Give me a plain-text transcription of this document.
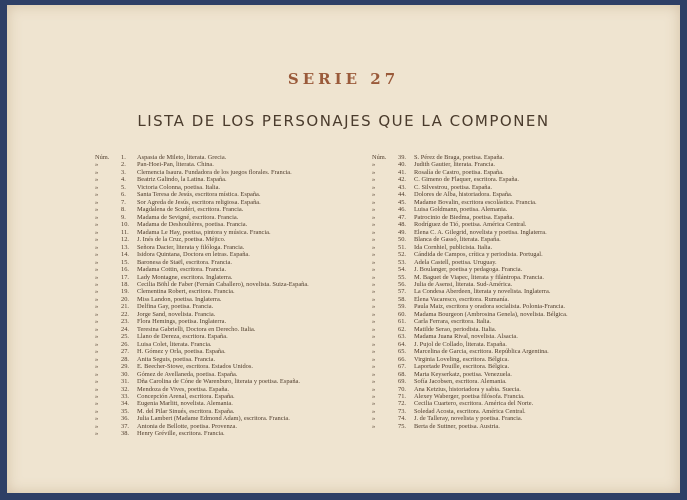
SERIE 27
LISTA DE LOS PERSONAJES QUE LA COMPONEN
Núm.	1.	Aspasia de Mileto, literata. Grecia.
»	2.	Pan-Hoei-Pan, literata. China.
»	3.	Clemencia Isaura. Fundadora de los juegos florales. Francia.
»	4.	Beatriz Galindo, la Latina. España.
»	5.	Victoria Colonna, poetisa. Italia.
»	6.	Santa Teresa de Jesús, escritora mística. España.
»	7.	Sor Agreda de Jesús, escritora religiosa. España.
»	8.	Magdalena de Scudéri, escritora. Francia.
»	9.	Madama de Sevigné, escritora. Francia.
»	10.	Madama de Deshoulières, poetisa. Francia.
»	11.	Madama Le Hay, poetisa, pintora y música. Francia.
»	12.	J. Inés de la Cruz, poetisa. Méjico.
»	13.	Señora Dacier, literata y filóloga. Francia.
»	14.	Isidora Quintana, Doctora en letras. España.
»	15.	Baronesa de Staël, escritora. Francia.
»	16.	Madama Cottin, escritora. Francia.
»	17.	Lady Montagne, escritora. Inglaterra.
»	18.	Cecilia Böhl de Faber (Fernán Caballero), novelista. Suiza-España.
»	19.	Clementina Robert, escritora. Francia.
»	20.	Miss Landon, poetisa. Inglaterra.
»	21.	Delfina Gay, poetisa. Francia.
»	22.	Jorge Sand, novelista. Francia.
»	23.	Flora Hemings, poetisa. Inglaterra.
»	24.	Teresina Gabrielli, Doctora en Derecho. Italia.
»	25.	Llano de Dereza, escritora. España.
»	26.	Luisa Colet, literata. Francia.
»	27.	H. Gómez y Orla, poetisa. España.
»	28.	Anita Seguis, poetisa. Francia.
»	29.	E. Beecher-Stowe, escritora. Estados Unidos.
»	30.	Gómez de Avellaneda, poetisa. España.
»	31.	Dña Carolina de Cóne de Warenburo, literata y poetisa. España.
»	32.	Mendoza de Vives, poetisa. España.
»	33.	Concepción Arenal, escritora. España.
»	34.	Eugenia Marlitt, novelista. Alemania.
»	35.	M. del Pilar Sinués, escritora. España.
»	36.	Julia Lambert (Madame Edmond Adam), escritora. Francia.
»	37.	Antonia de Bellotte, poetisa. Provenza.
»	38.	Henry Gréville, escritora. Francia.
Núm.	39.	S. Pérez de Braga, poetisa. España.
»	40.	Judith Gautier, literata. Francia.
»	41.	Rosalía de Castro, poetisa. España.
»	42.	C. Gimeno de Flaquer, escritora. España.
»	43.	C. Silvestrou, poetisa. España.
»	44.	Dolores de Alba, historiadora. España.
»	45.	Madame Bovalin, escritora escolástica. Francia.
»	46.	Luisa Goldmann, poetisa. Alemania.
»	47.	Patrocinio de Biedma, poetisa. España.
»	48.	Rodríguez de Tió, poetisa. América Central.
»	49.	Elena C. A. Gilegrid, novelista y poetisa. Inglaterra.
»	50.	Blanca de Gassó, literata. España.
»	51.	Ida Cornhiel, publicista. Italia.
»	52.	Cándida de Campos, crítica y periodista. Portugal.
»	53.	Adela Castell, poetisa. Uruguay.
»	54.	J. Boulanger, poetisa y pedagoga. Francia.
»	55.	M. Baguet de Viapec, literata y filántropa. Francia.
»	56.	Julia de Asensi, literata. Sud-América.
»	57.	La Condesa Aberdeen, literata y novelista. Inglaterra.
»	58.	Elena Vacaresco, escritora. Rumanía.
»	59.	Paula Maiz, escritora y oradora socialista. Polonia-Francia.
»	60.	Madama Bourgeon (Ambrosina Genela), novelista. Bélgica.
»	61.	Carla Ferrara, escritora. Italia.
»	62.	Matilde Serao, periodista. Italia.
»	63.	Madama Juana Rival, novelista. Alsacia.
»	64.	J. Pujol de Collado, literata. España.
»	65.	Marcelina de Garcia, escritora. República Argentina.
»	66.	Virginia Loveling, escritora. Bélgica.
»	67.	Laportade Pouille, escritora. Bélgica.
»	68.	Marta Keyserkatz, poetisa. Venezuela.
»	69.	Sofía Jacobsen, escritora. Alemania.
»	70.	Ana Ketzius, historiadora y sabia. Suecia.
»	71.	Alexey Waberger, poetisa filósofa. Francia.
»	72.	Cecilia Cuartero, escritora. América del Norte.
»	73.	Soledad Acosta, escritora. América Central.
»	74.	J. de Talleray, novelista y poetisa. Francia.
»	75.	Berta de Suttner, poetisa. Austria.
